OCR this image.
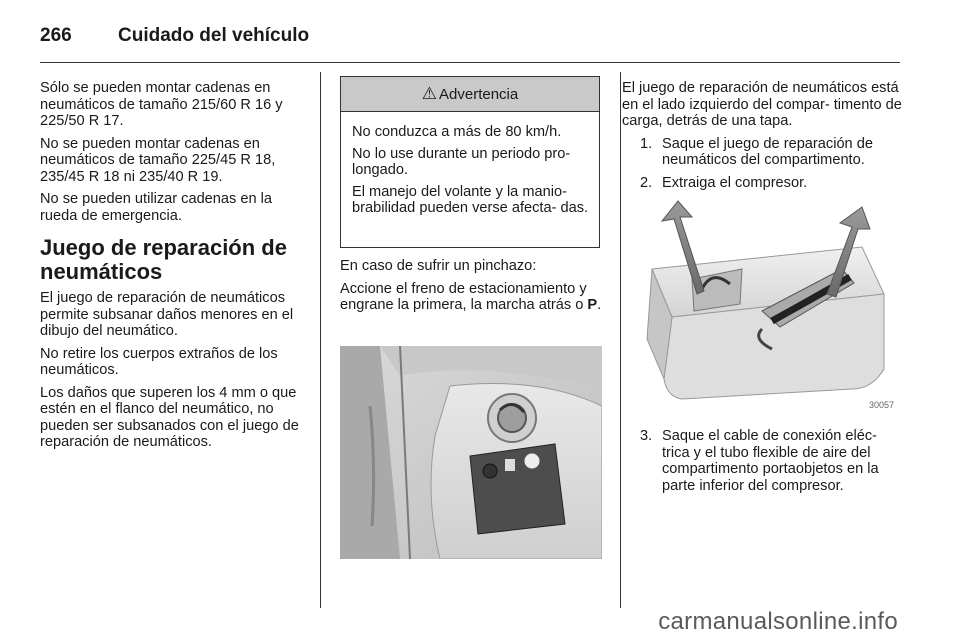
266	Cuidado del vehículo

Sólo se pueden montar cadenas en neumáticos de tamaño 215/60 R 16 y 225/50 R 17.

No se pueden montar cadenas en neumáticos de tamaño 225/45 R 18, 235/45 R 18 ni 235/40 R 19.

No se pueden utilizar cadenas en la rueda de emergencia.

Juego de reparación de neumáticos

El juego de reparación de neumáticos permite subsanar daños menores en el dibujo del neumático.

No retire los cuerpos extraños de los neumáticos.

Los daños que superen los 4 mm o que estén en el flanco del neumático, no pueden ser subsanados con el juego de reparación de neumáticos.

⚠ Advertencia

No conduzca a más de 80 km/h.

No lo use durante un periodo pro- longado.

El manejo del volante y la manio- brabilidad pueden verse afecta- das.

En caso de sufrir un pinchazo:

Accione el freno de estacionamiento y engrane la primera, la marcha atrás o P.

El juego de reparación de neumáticos está en el lado izquierdo del compar- timento de carga, detrás de una tapa.

1. Saque el juego de reparación de neumáticos del compartimento.
2. Extraiga el compresor.
30057
3. Saque el cable de conexión eléc- trica y el tubo flexible de aire del compartimento portaobjetos en la parte inferior del compresor.
carmanualsonline.info
